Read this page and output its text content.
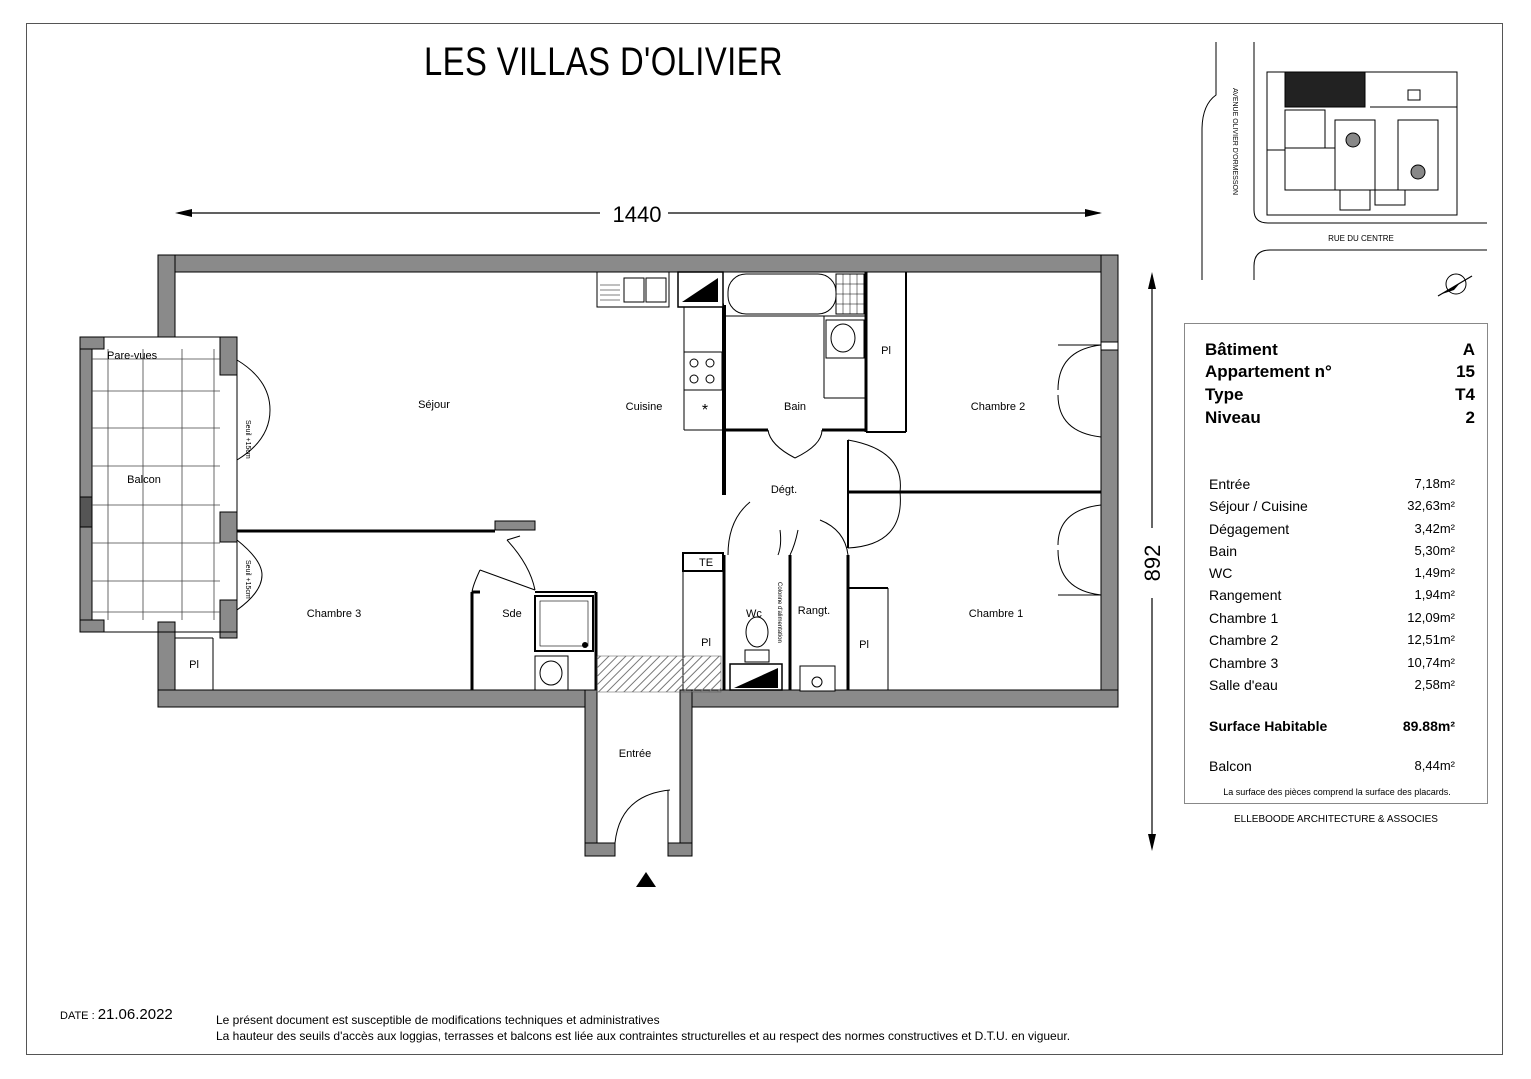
LES VILLAS D'OLIVIER
1440
892
Pare-vues
Balcon
*
Séjour	Cuisine	Bain	Chambre 2
Chambre 1
Chambre 3
Dégt.
Sde	Wc	Rangt.
Entrée
TE
Pl
Pl	Pl
Pl
Seuil +15cm
Seuil +15cm
Colonne d'alimentation
AVENUE OLIVIER D'ORMESSON
RUE DU CENTRE
Bâtiment	A
Appartement n°	15
Type	T4
Niveau	2
Entrée	7,18m²
Séjour / Cuisine	32,63m²
Dégagement	3,42m²
Bain	5,30m²
WC	1,49m²
Rangement	1,94m²
Chambre 1	12,09m²
Chambre 2	12,51m²
Chambre 3	10,74m²
Salle d'eau	2,58m²
Surface Habitable	89.88m²
Balcon	8,44m²
La surface des pièces comprend la surface des placards.
ELLEBOODE ARCHITECTURE & ASSOCIES
DATE : 21.06.2022	Le présent document est susceptible de modifications techniques et administratives
La hauteur des seuils d'accès aux loggias, terrasses et balcons est liée aux contraintes structurelles et au respect des normes constructives et D.T.U. en vigueur.
